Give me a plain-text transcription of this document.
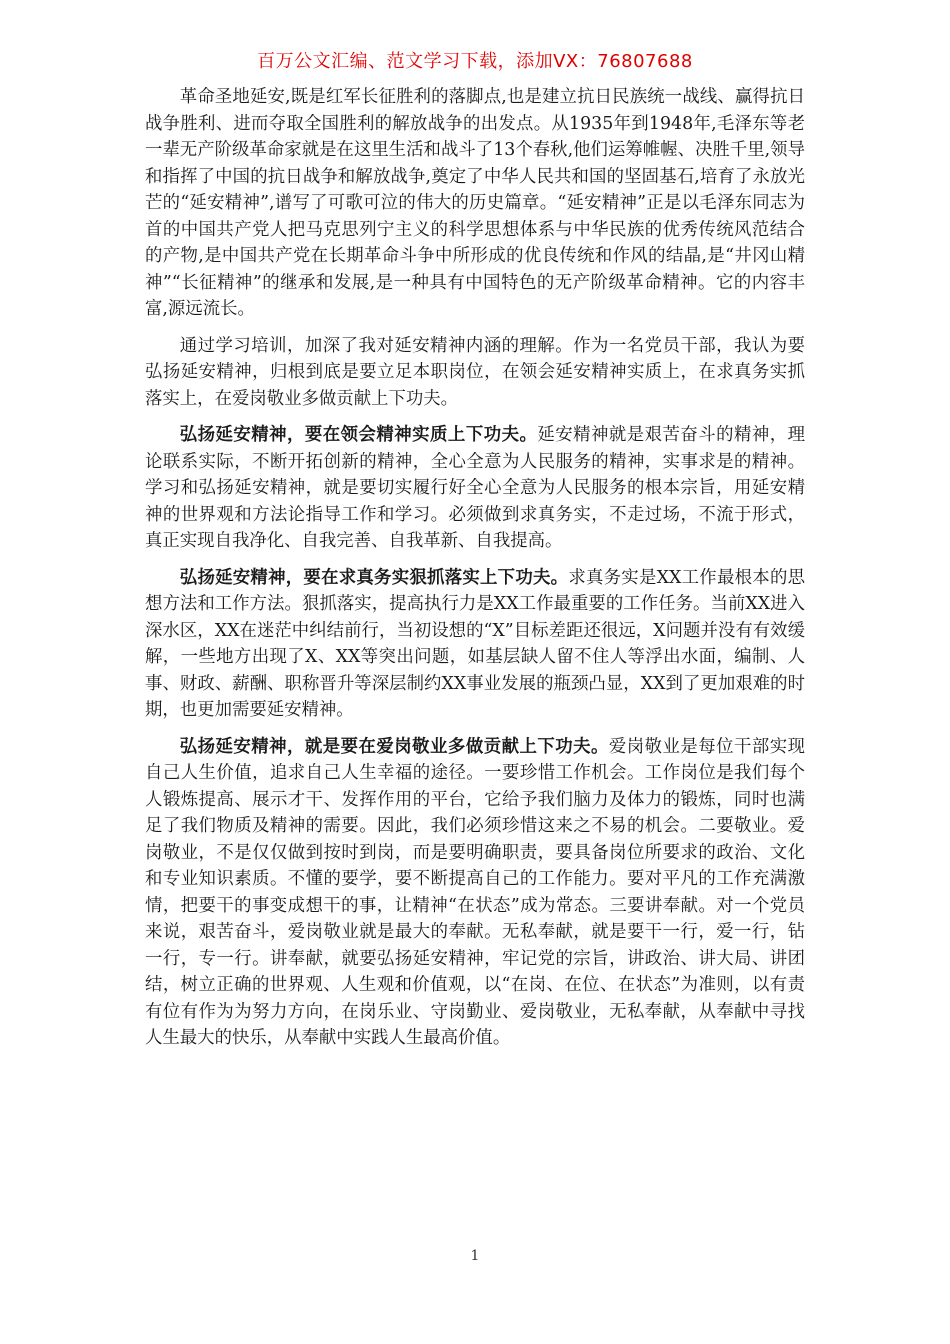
百万公文汇编、范文学习下载，添加VX：76807688

革命圣地延安,既是红军长征胜利的落脚点,也是建立抗日民族统一战线、赢得抗日战争胜利、进而夺取全国胜利的解放战争的出发点。从1935年到1948年,毛泽东等老一辈无产阶级革命家就是在这里生活和战斗了13个春秋,他们运筹帷幄、决胜千里,领导和指挥了中国的抗日战争和解放战争,奠定了中华人民共和国的坚固基石,培育了永放光芒的“延安精神”,谱写了可歌可泣的伟大的历史篇章。“延安精神”正是以毛泽东同志为首的中国共产党人把马克思列宁主义的科学思想体系与中华民族的优秀传统风范结合的产物,是中国共产党在长期革命斗争中所形成的优良传统和作风的结晶,是“井冈山精神”“长征精神”的继承和发展,是一种具有中国特色的无产阶级革命精神。它的内容丰富,源远流长。

通过学习培训，加深了我对延安精神内涵的理解。作为一名党员干部，我认为要弘扬延安精神，归根到底是要立足本职岗位，在领会延安精神实质上，在求真务实抓落实上，在爱岗敬业多做贡献上下功夫。

弘扬延安精神，要在领会精神实质上下功夫。延安精神就是艰苦奋斗的精神，理论联系实际，不断开拓创新的精神，全心全意为人民服务的精神，实事求是的精神。学习和弘扬延安精神，就是要切实履行好全心全意为人民服务的根本宗旨，用延安精神的世界观和方法论指导工作和学习。必须做到求真务实，不走过场，不流于形式，真正实现自我净化、自我完善、自我革新、自我提高。

弘扬延安精神，要在求真务实狠抓落实上下功夫。求真务实是XX工作最根本的思想方法和工作方法。狠抓落实，提高执行力是XX工作最重要的工作任务。当前XX进入深水区，XX在迷茫中纠结前行，当初设想的“X”目标差距还很远，X问题并没有有效缓解，一些地方出现了X、XX等突出问题，如基层缺人留不住人等浮出水面，编制、人事、财政、薪酬、职称晋升等深层制约XX事业发展的瓶颈凸显，XX到了更加艰难的时期，也更加需要延安精神。

弘扬延安精神，就是要在爱岗敬业多做贡献上下功夫。爱岗敬业是每位干部实现自己人生价值，追求自己人生幸福的途径。一要珍惜工作机会。工作岗位是我们每个人锻炼提高、展示才干、发挥作用的平台，它给予我们脑力及体力的锻炼，同时也满足了我们物质及精神的需要。因此，我们必须珍惜这来之不易的机会。二要敬业。爱岗敬业，不是仅仅做到按时到岗，而是要明确职责，要具备岗位所要求的政治、文化和专业知识素质。不懂的要学，要不断提高自己的工作能力。要对平凡的工作充满激情，把要干的事变成想干的事，让精神“在状态”成为常态。三要讲奉献。对一个党员来说，艰苦奋斗，爱岗敬业就是最大的奉献。无私奉献，就是要干一行，爱一行，钻一行，专一行。讲奉献，就要弘扬延安精神，牢记党的宗旨，讲政治、讲大局、讲团结，树立正确的世界观、人生观和价值观，以“在岗、在位、在状态”为准则，以有责有位有作为为努力方向，在岗乐业、守岗勤业、爱岗敬业，无私奉献，从奉献中寻找人生最大的快乐，从奉献中实践人生最高价值。

1
